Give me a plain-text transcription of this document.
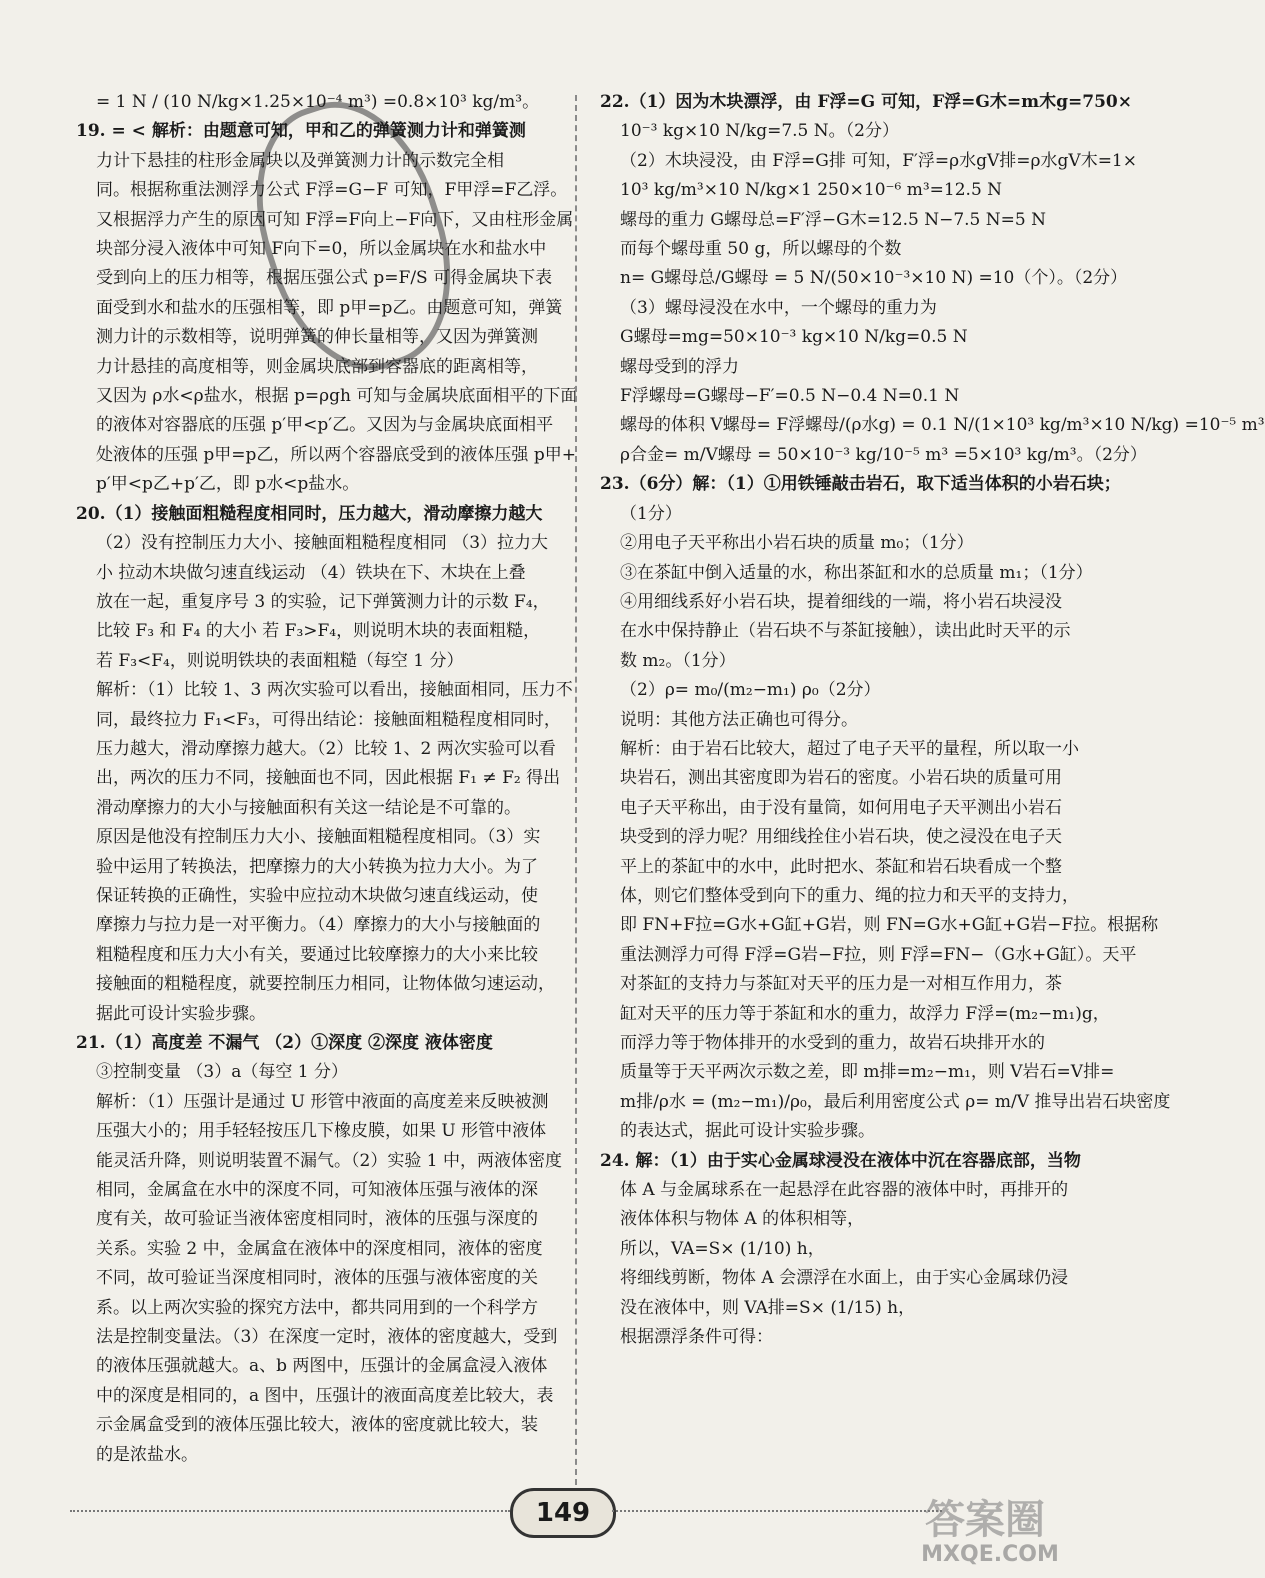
= 1 N / (10 N/kg×1.25×10⁻⁴ m³) =0.8×10³ kg/m³。
19. = < 解析：由题意可知，甲和乙的弹簧测力计和弹簧测
力计下悬挂的柱形金属块以及弹簧测力计的示数完全相
同。根据称重法测浮力公式 F浮=G−F 可知，F甲浮=F乙浮。
又根据浮力产生的原因可知 F浮=F向上−F向下，又由柱形金属
块部分浸入液体中可知 F向下=0，所以金属块在水和盐水中
受到向上的压力相等，根据压强公式 p=F/S 可得金属块下表
面受到水和盐水的压强相等，即 p甲=p乙。由题意可知，弹簧
测力计的示数相等，说明弹簧的伸长量相等，又因为弹簧测
力计悬挂的高度相等，则金属块底部到容器底的距离相等，
又因为 ρ水<ρ盐水，根据 p=ρgh 可知与金属块底面相平的下面
的液体对容器底的压强 p′甲<p′乙。又因为与金属块底面相平
处液体的压强 p甲=p乙，所以两个容器底受到的液体压强 p甲+
p′甲<p乙+p′乙，即 p水<p盐水。
20.（1）接触面粗糙程度相同时，压力越大，滑动摩擦力越大
（2）没有控制压力大小、接触面粗糙程度相同 （3）拉力大
小 拉动木块做匀速直线运动 （4）铁块在下、木块在上叠
放在一起，重复序号 3 的实验，记下弹簧测力计的示数 F₄，
比较 F₃ 和 F₄ 的大小 若 F₃>F₄，则说明木块的表面粗糙，
若 F₃<F₄，则说明铁块的表面粗糙（每空 1 分）
解析：（1）比较 1、3 两次实验可以看出，接触面相同，压力不
同，最终拉力 F₁<F₃，可得出结论：接触面粗糙程度相同时，
压力越大，滑动摩擦力越大。（2）比较 1、2 两次实验可以看
出，两次的压力不同，接触面也不同，因此根据 F₁ ≠ F₂ 得出
滑动摩擦力的大小与接触面积有关这一结论是不可靠的。
原因是他没有控制压力大小、接触面粗糙程度相同。（3）实
验中运用了转换法，把摩擦力的大小转换为拉力大小。为了
保证转换的正确性，实验中应拉动木块做匀速直线运动，使
摩擦力与拉力是一对平衡力。（4）摩擦力的大小与接触面的
粗糙程度和压力大小有关，要通过比较摩擦力的大小来比较
接触面的粗糙程度，就要控制压力相同，让物体做匀速运动，
据此可设计实验步骤。
21.（1）高度差 不漏气 （2）①深度 ②深度 液体密度
③控制变量 （3）a（每空 1 分）
解析：（1）压强计是通过 U 形管中液面的高度差来反映被测
压强大小的；用手轻轻按压几下橡皮膜，如果 U 形管中液体
能灵活升降，则说明装置不漏气。（2）实验 1 中，两液体密度
相同，金属盒在水中的深度不同，可知液体压强与液体的深
度有关，故可验证当液体密度相同时，液体的压强与深度的
关系。实验 2 中，金属盒在液体中的深度相同，液体的密度
不同，故可验证当深度相同时，液体的压强与液体密度的关
系。以上两次实验的探究方法中，都共同用到的一个科学方
法是控制变量法。（3）在深度一定时，液体的密度越大，受到
的液体压强就越大。a、b 两图中，压强计的金属盒浸入液体
中的深度是相同的，a 图中，压强计的液面高度差比较大，表
示金属盒受到的液体压强比较大，液体的密度就比较大，装
的是浓盐水。
22.（1）因为木块漂浮，由 F浮=G 可知，F浮=G木=m木g=750×
10⁻³ kg×10 N/kg=7.5 N。（2分）
（2）木块浸没，由 F浮=G排 可知，F′浮=ρ水gV排=ρ水gV木=1×
10³ kg/m³×10 N/kg×1 250×10⁻⁶ m³=12.5 N
螺母的重力 G螺母总=F′浮−G木=12.5 N−7.5 N=5 N
而每个螺母重 50 g，所以螺母的个数
n= G螺母总/G螺母 = 5 N/(50×10⁻³×10 N) =10（个）。（2分）
（3）螺母浸没在水中，一个螺母的重力为
G螺母=mg=50×10⁻³ kg×10 N/kg=0.5 N
螺母受到的浮力
F浮螺母=G螺母−F′=0.5 N−0.4 N=0.1 N
螺母的体积 V螺母= F浮螺母/(ρ水g) = 0.1 N/(1×10³ kg/m³×10 N/kg) =10⁻⁵ m³
ρ合金= m/V螺母 = 50×10⁻³ kg/10⁻⁵ m³ =5×10³ kg/m³。（2分）
23.（6分）解：（1）①用铁锤敲击岩石，取下适当体积的小岩石块；
（1分）
②用电子天平称出小岩石块的质量 m₀；（1分）
③在茶缸中倒入适量的水，称出茶缸和水的总质量 m₁；（1分）
④用细线系好小岩石块，提着细线的一端，将小岩石块浸没
在水中保持静止（岩石块不与茶缸接触），读出此时天平的示
数 m₂。（1分）
（2）ρ= m₀/(m₂−m₁) ρ₀（2分）
说明：其他方法正确也可得分。
解析：由于岩石比较大，超过了电子天平的量程，所以取一小
块岩石，测出其密度即为岩石的密度。小岩石块的质量可用
电子天平称出，由于没有量筒，如何用电子天平测出小岩石
块受到的浮力呢？用细线拴住小岩石块，使之浸没在电子天
平上的茶缸中的水中，此时把水、茶缸和岩石块看成一个整
体，则它们整体受到向下的重力、绳的拉力和天平的支持力，
即 FN+F拉=G水+G缸+G岩，则 FN=G水+G缸+G岩−F拉。根据称
重法测浮力可得 F浮=G岩−F拉，则 F浮=FN−（G水+G缸）。天平
对茶缸的支持力与茶缸对天平的压力是一对相互作用力，茶
缸对天平的压力等于茶缸和水的重力，故浮力 F浮=(m₂−m₁)g，
而浮力等于物体排开的水受到的重力，故岩石块排开水的
质量等于天平两次示数之差，即 m排=m₂−m₁，则 V岩石=V排=
m排/ρ水 = (m₂−m₁)/ρ₀，最后利用密度公式 ρ= m/V 推导出岩石块密度
的表达式，据此可设计实验步骤。
24. 解：（1）由于实心金属球浸没在液体中沉在容器底部，当物
体 A 与金属球系在一起悬浮在此容器的液体中时，再排开的
液体体积与物体 A 的体积相等，
所以，VA=S× (1/10) h，
将细线剪断，物体 A 会漂浮在水面上，由于实心金属球仍浸
没在液体中，则 VA排=S× (1/15) h，
根据漂浮条件可得：
149	答案圈
MXQE.COM
